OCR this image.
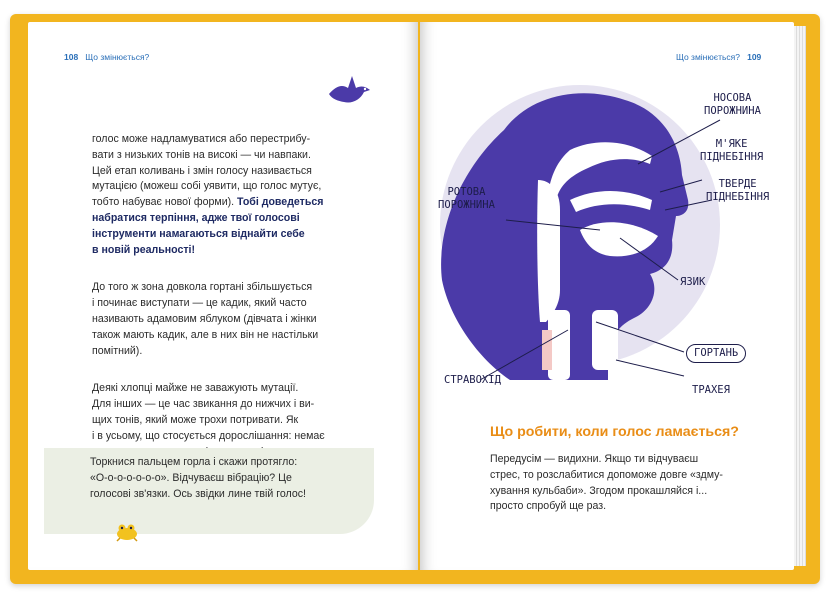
108 Що змінюється?

голос може надламуватися або перестрибу-
вати з низьких тонів на високі — чи навпаки.
Цей етап коливань і змін голосу називається
мутацією (можеш собі уявити, що голос мутує,
тобто набуває нової форми). Тобі доведеться
набратися терпіння, адже твої голосові
інструменти намагаються віднайти себе
в новій реальності!

До того ж зона довкола гортані збільшується
і починає виступати — це кадик, який часто
називають адамовим яблуком (дівчата і жінки
також мають кадик, але в них він не настільки
помітний).

Деякі хлопці майже не заважують мутації.
Для інших — це час звикання до нижчих і ви-
щих тонів, який може трохи потривати. Як
і в усьому, що стосується дорослішання: немає

Торкнися пальцем горла і скажи протягло:
«О-о-о-о-о-о-о». Відчуваєш вібрацію? Це
голосові зв'язки. Ось звідки лине твій голос!
Що змінюється? 109
НОСОВА
ПОРОЖНИНА
М'ЯКЕ
ПІДНЕБІННЯ
ТВЕРДЕ
ПІДНЕБІННЯ
РОТОВА
ПОРОЖНИНА
ЯЗИК
ГОРТАНЬ
СТРАВОХІД
ТРАХЕЯ
Що робити, коли голос ламається?
Передусім — видихни. Якщо ти відчуваєш
стрес, то розслабитися допоможе довге «здму-
хування кульбаби». Згодом прокашляйся і...
просто спробуй ще раз.
